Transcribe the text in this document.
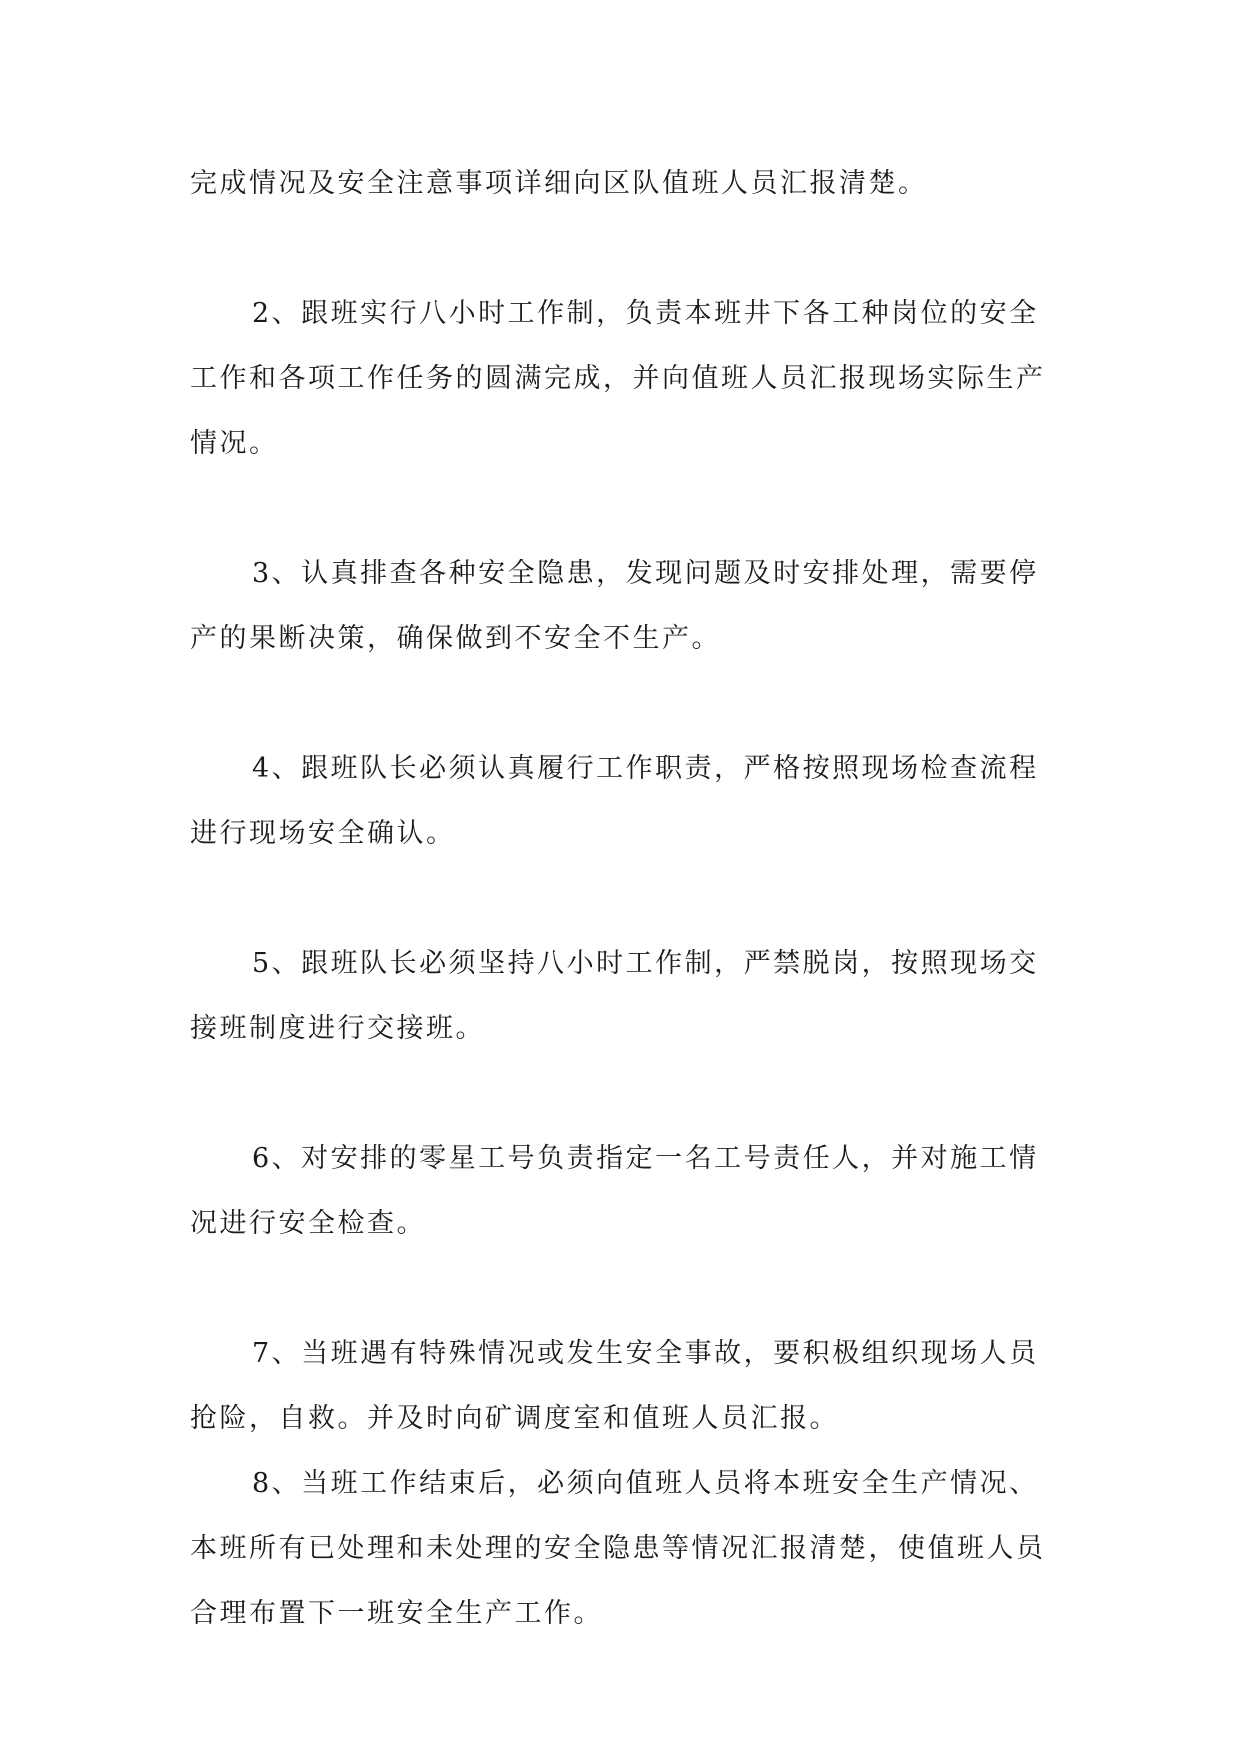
完成情况及安全注意事项详细向区队值班人员汇报清楚。
2、跟班实行八小时工作制，负责本班井下各工种岗位的安全
工作和各项工作任务的圆满完成，并向值班人员汇报现场实际生产
情况。
3、认真排查各种安全隐患，发现问题及时安排处理，需要停
产的果断决策，确保做到不安全不生产。
4、跟班队长必须认真履行工作职责，严格按照现场检查流程
进行现场安全确认。
5、跟班队长必须坚持八小时工作制，严禁脱岗，按照现场交
接班制度进行交接班。
6、对安排的零星工号负责指定一名工号责任人，并对施工情
况进行安全检查。
7、当班遇有特殊情况或发生安全事故，要积极组织现场人员
抢险，自救。并及时向矿调度室和值班人员汇报。
8、当班工作结束后，必须向值班人员将本班安全生产情况、
本班所有已处理和未处理的安全隐患等情况汇报清楚，使值班人员
合理布置下一班安全生产工作。
